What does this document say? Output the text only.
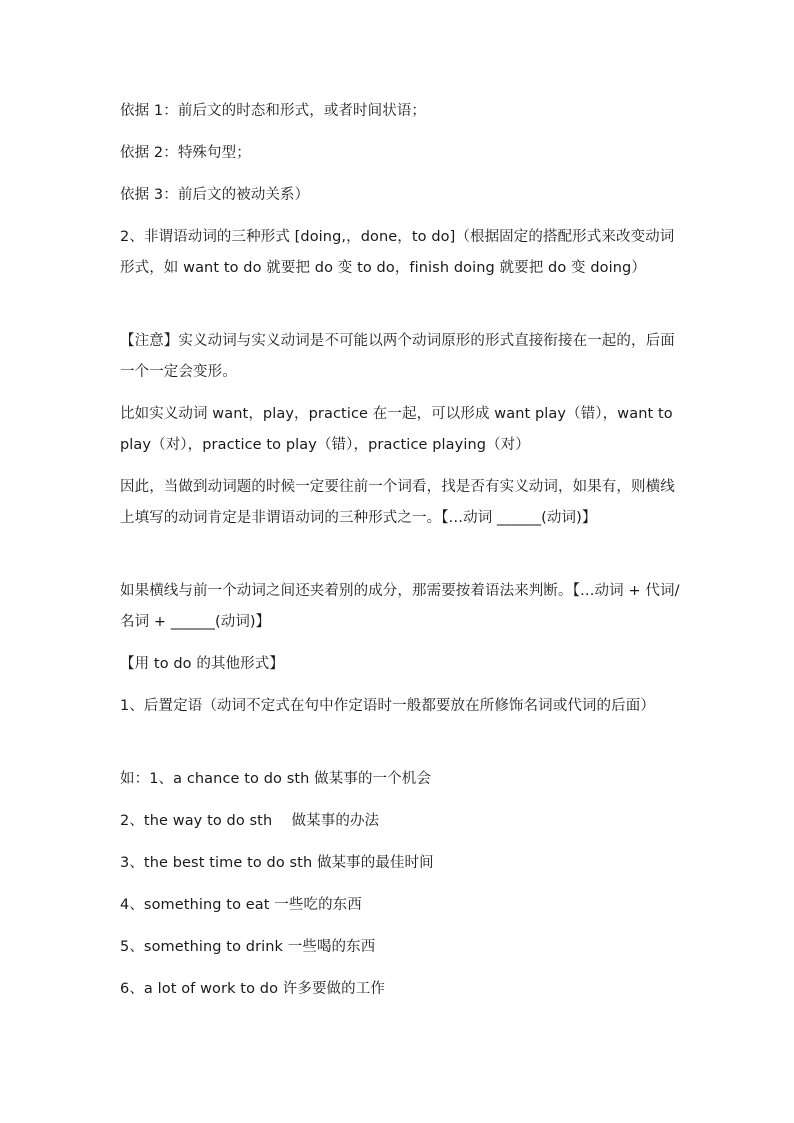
依据 1：前后文的时态和形式，或者时间状语；
依据 2：特殊句型；
依据 3：前后文的被动关系）
2、非谓语动词的三种形式 [doing,，done，to do]（根据固定的搭配形式来改变动词形式，如 want to do 就要把 do 变 to do，finish doing 就要把 do 变 doing）
【注意】实义动词与实义动词是不可能以两个动词原形的形式直接衔接在一起的，后面一个一定会变形。
比如实义动词 want，play，practice 在一起，可以形成 want play（错），want to play（对），practice to play（错），practice playing（对）
因此，当做到动词题的时候一定要往前一个词看，找是否有实义动词，如果有，则横线上填写的动词肯定是非谓语动词的三种形式之一。【…动词 ______(动词)】
如果横线与前一个动词之间还夹着别的成分，那需要按着语法来判断。【…动词 + 代词/名词 + ______(动词)】
【用 to do 的其他形式】
1、后置定语（动词不定式在句中作定语时一般都要放在所修饰名词或代词的后面）
如：1、a chance to do sth 做某事的一个机会
2、the way to do sth　 做某事的办法
3、the best time to do sth 做某事的最佳时间
4、something to eat 一些吃的东西
5、something to drink 一些喝的东西
6、a lot of work to do 许多要做的工作
